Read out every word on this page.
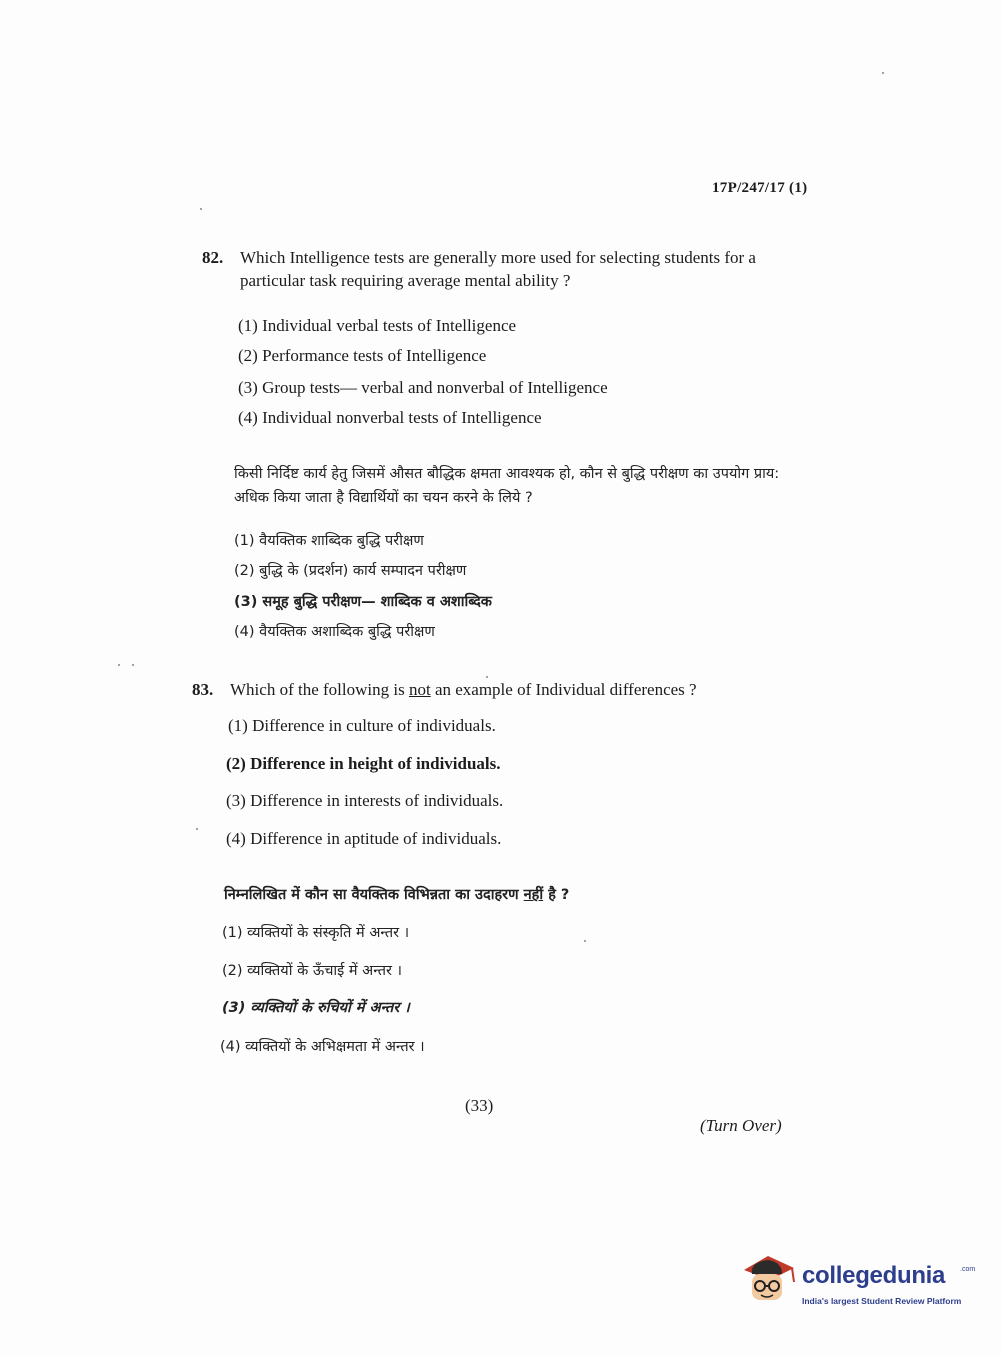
17P/247/17 (1)
82. Which Intelligence tests are generally more used for selecting students for a particular task requiring average mental ability ?
(1) Individual verbal tests of Intelligence
(2) Performance tests of Intelligence
(3) Group tests— verbal and nonverbal of Intelligence
(4) Individual nonverbal tests of Intelligence
किसी निर्दिष्ट कार्य हेतु जिसमें औसत बौद्धिक क्षमता आवश्यक हो, कौन से बुद्धि परीक्षण का उपयोग प्राय: अधिक किया जाता है विद्यार्थियों का चयन करने के लिये ?
(1) वैयक्तिक शाब्दिक बुद्धि परीक्षण
(2) बुद्धि के (प्रदर्शन) कार्य सम्पादन परीक्षण
(3) समूह बुद्धि परीक्षण— शाब्दिक व अशाब्दिक
(4) वैयक्तिक अशाब्दिक बुद्धि परीक्षण
83. Which of the following is not an example of Individual differences ?
(1) Difference in culture of individuals.
(2) Difference in height of individuals.
(3) Difference in interests of individuals.
(4) Difference in aptitude of individuals.
निम्नलिखित में कौन सा वैयक्तिक विभिन्नता का उदाहरण नहीं है ?
(1) व्यक्तियों के संस्कृति में अन्तर ।
(2) व्यक्तियों के ऊँचाई में अन्तर ।
(3) व्यक्तियों के रुचियों में अन्तर ।
(4) व्यक्तियों के अभिक्षमता में अन्तर ।
(33)
(Turn Over)
collegedunia .com
India's largest Student Review Platform
